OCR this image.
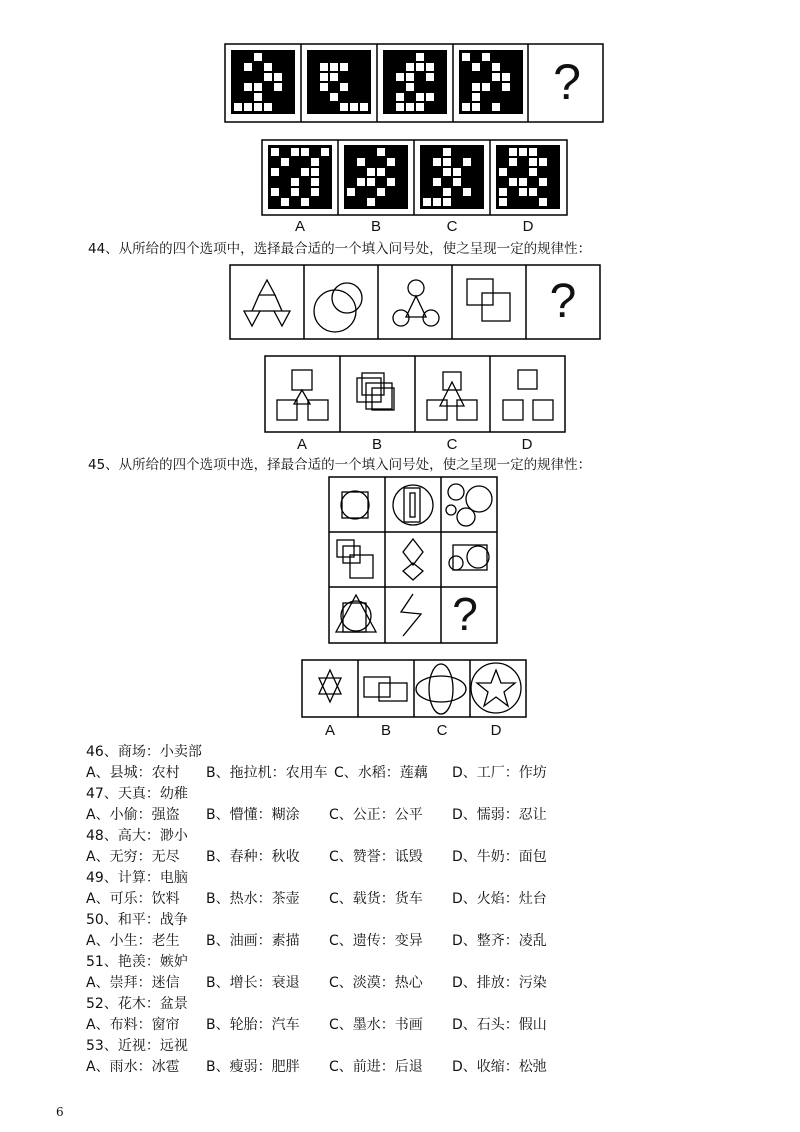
?
A	B	C	D
44、从所给的四个选项中，选择最合适的一个填入问号处，使之呈现一定的规律性：
?
A	B	C	D
45、从所给的四个选项中选，择最合适的一个填入问号处，使之呈现一定的规律性：
?
A	B	C	D
46、商场：小卖部
A、县城：农村 B、拖拉机：农用车 C、水稻：莲藕 D、工厂：作坊
47、天真：幼稚
A、小偷：强盗 B、懵懂：糊涂 C、公正：公平 D、懦弱：忍让
48、高大：渺小
A、无穷：无尽 B、春种：秋收 C、赞誉：诋毁 D、牛奶：面包
49、计算：电脑
A、可乐：饮料 B、热水：茶壶 C、载货：货车 D、火焰：灶台
50、和平：战争
A、小生：老生 B、油画：素描 C、遗传：变异 D、整齐：凌乱
51、艳羡：嫉妒
A、崇拜：迷信 B、增长：衰退 C、淡漠：热心 D、排放：污染
52、花木：盆景
A、布料：窗帘 B、轮胎：汽车 C、墨水：书画 D、石头：假山
53、近视：远视
A、雨水：冰雹 B、瘦弱：肥胖 C、前进：后退 D、收缩：松弛
6
